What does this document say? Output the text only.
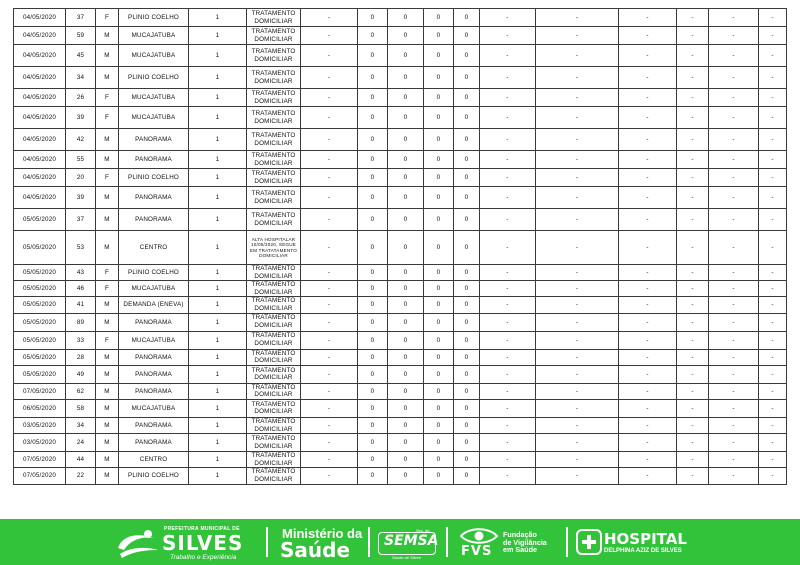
04/05/2020	37	F	PLINIO COELHO	1	TRATAMENTO DOMICILIAR	-	0	0	0	0	-	-	-	-	-	-
04/05/2020	59	M	MUCAJATUBA	1	TRATAMENTO DOMICILIAR	-	0	0	0	0	-	-	-	-	-	-
04/05/2020	45	M	MUCAJATUBA	1	TRATAMENTO DOMICILIAR	-	0	0	0	0	-	-	-	-	-	-
04/05/2020	34	M	PLINIO COELHO	1	TRATAMENTO DOMICILIAR	-	0	0	0	0	-	-	-	-	-	-
04/05/2020	26	F	MUCAJATUBA	1	TRATAMENTO DOMICILIAR	-	0	0	0	0	-	-	-	-	-	-
04/05/2020	39	F	MUCAJATUBA	1	TRATAMENTO DOMICILIAR	-	0	0	0	0	-	-	-	-	-	-
04/05/2020	42	M	PANORAMA	1	TRATAMENTO DOMICILIAR	-	0	0	0	0	-	-	-	-	-	-
04/05/2020	55	M	PANORAMA	1	TRATAMENTO DOMICILIAR	-	0	0	0	0	-	-	-	-	-	-
04/05/2020	20	F	PLINIO COELHO	1	TRATAMENTO DOMICILIAR	-	0	0	0	0	-	-	-	-	-	-
04/05/2020	39	M	PANORAMA	1	TRATAMENTO DOMICILIAR	-	0	0	0	0	-	-	-	-	-	-
05/05/2020	37	M	PANORAMA	1	TRATAMENTO DOMICILIAR	-	0	0	0	0	-	-	-	-	-	-
05/05/2020	53	M	CENTRO	1	ALTA HOSPITALAR 10/05/2020, SEGUE EM TRATATAMENTO DOMICILIAR	-	0	0	0	0	-	-	-	-	-	-
05/05/2020	43	F	PLINIO COELHO	1	TRATAMENTO DOMICILIAR	-	0	0	0	0	-	-	-	-	-	-
05/05/2020	46	F	MUCAJATUBA	1	TRATAMENTO DOMICILIAR	-	0	0	0	0	-	-	-	-	-	-
05/05/2020	41	M	DEMANDA (ENEVA)	1	TRATAMENTO DOMICILIAR	-	0	0	0	0	-	-	-	-	-	-
05/05/2020	89	M	PANORAMA	1	TRATAMENTO DOMICILIAR	-	0	0	0	0	-	-	-	-	-	-
05/05/2020	33	F	MUCAJATUBA	1	TRATAMENTO DOMICILIAR	-	0	0	0	0	-	-	-	-	-	-
05/05/2020	28	M	PANORAMA	1	TRATAMENTO DOMICILIAR	-	0	0	0	0	-	-	-	-	-	-
05/05/2020	49	M	PANORAMA	1	TRATAMENTO DOMICILIAR	-	0	0	0	0	-	-	-	-	-	-
07/05/2020	62	M	PANORAMA	1	TRATAMENTO DOMICILIAR	-	0	0	0	0	-	-	-	-	-	-
06/05/2020	58	M	MUCAJATUBA	1	TRATAMENTO DOMICILIAR	-	0	0	0	0	-	-	-	-	-	-
03/05/2020	34	M	PANORAMA	1	TRATAMENTO DOMICILIAR	-	0	0	0	0	-	-	-	-	-	-
03/05/2020	24	M	PANORAMA	1	TRATAMENTO DOMICILIAR	-	0	0	0	0	-	-	-	-	-	-
07/05/2020	44	M	CENTRO	1	TRATAMENTO DOMICILIAR	-	0	0	0	0	-	-	-	-	-	-
07/05/2020	22	M	PLINIO COELHO	1	TRATAMENTO DOMICILIAR	-	0	0	0	0	-	-	-	-	-	-
PREFEITURA MUNICIPAL DE
SILVES
Trabalho e Experiência
Ministério da
Saúde
Sec. de
SEMSA
Saúde de Silves	FVS
Fundação
de Vigilância
em Saúde
HOSPITAL
DELPHINA AZIZ DE SILVES
